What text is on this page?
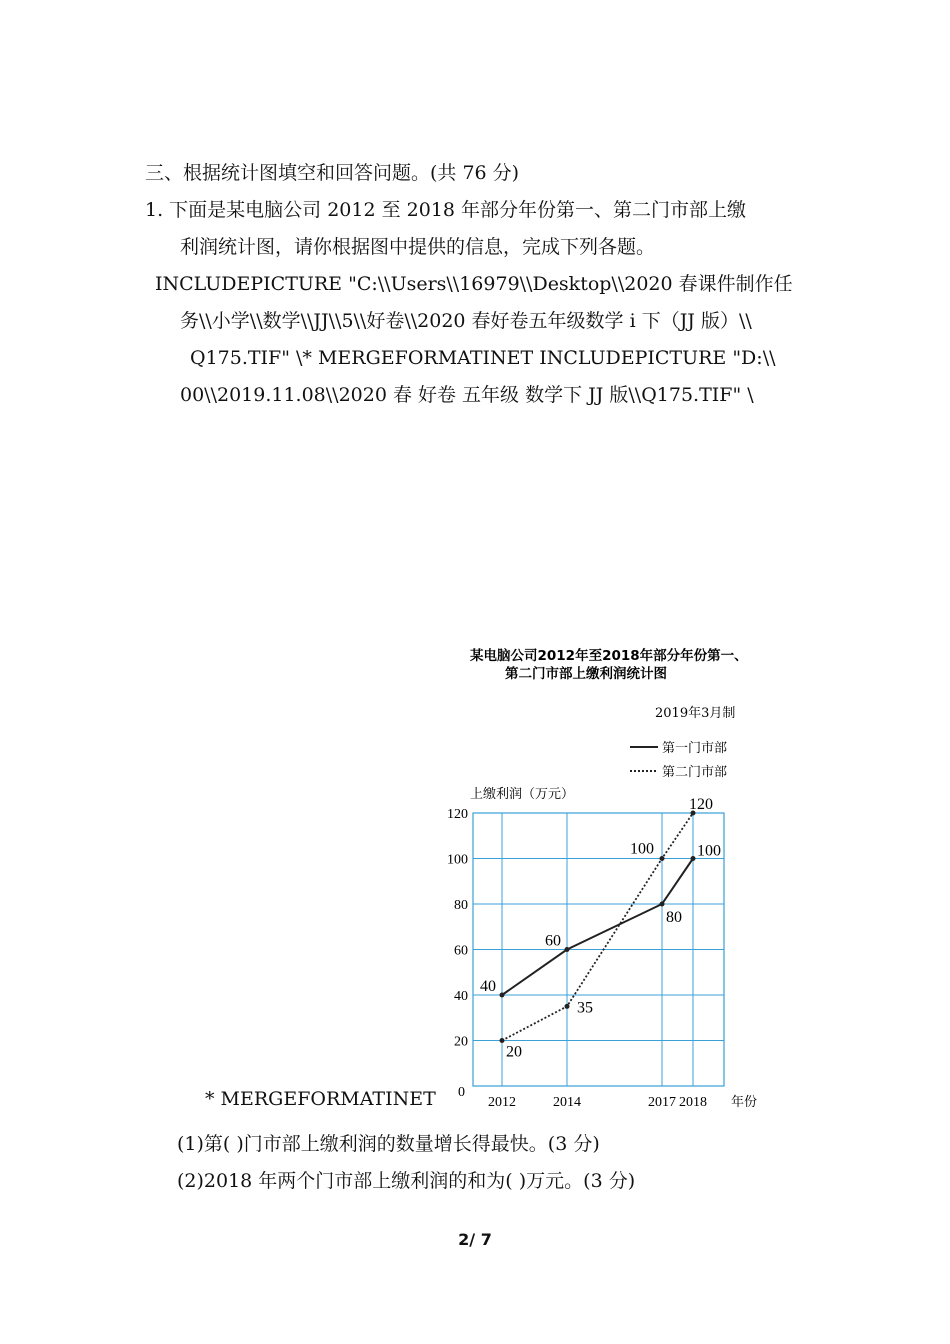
三、根据统计图填空和回答问题。(共 76 分)
1. 下面是某电脑公司 2012 至 2018 年部分年份第一、第二门市部上缴
利润统计图，请你根据图中提供的信息，完成下列各题。
INCLUDEPICTURE "C:\\Users\\16979\\Desktop\\2020 春课件制作任
务\\小学\\数学\\JJ\\5\\好卷\\2020 春好卷五年级数学 i 下（JJ 版）\\
Q175.TIF" \* MERGEFORMATINET INCLUDEPICTURE "D:\\
00\\2019.11.08\\2020 春 好卷 五年级 数学下 JJ 版\\Q175.TIF" \
* MERGEFORMATINET
某电脑公司2012年至2018年部分年份第一、
第二门市部上缴利润统计图
2019年3月制
第一门市部
第二门市部
上缴利润（万元）
20
40
60
80
100
120
2012	2014	2017 2018
0
年份
40
60
80
100
20
35
100
120
(1)第( )门市部上缴利润的数量增长得最快。(3 分)
(2)2018 年两个门市部上缴利润的和为( )万元。(3 分)
2/ 7
